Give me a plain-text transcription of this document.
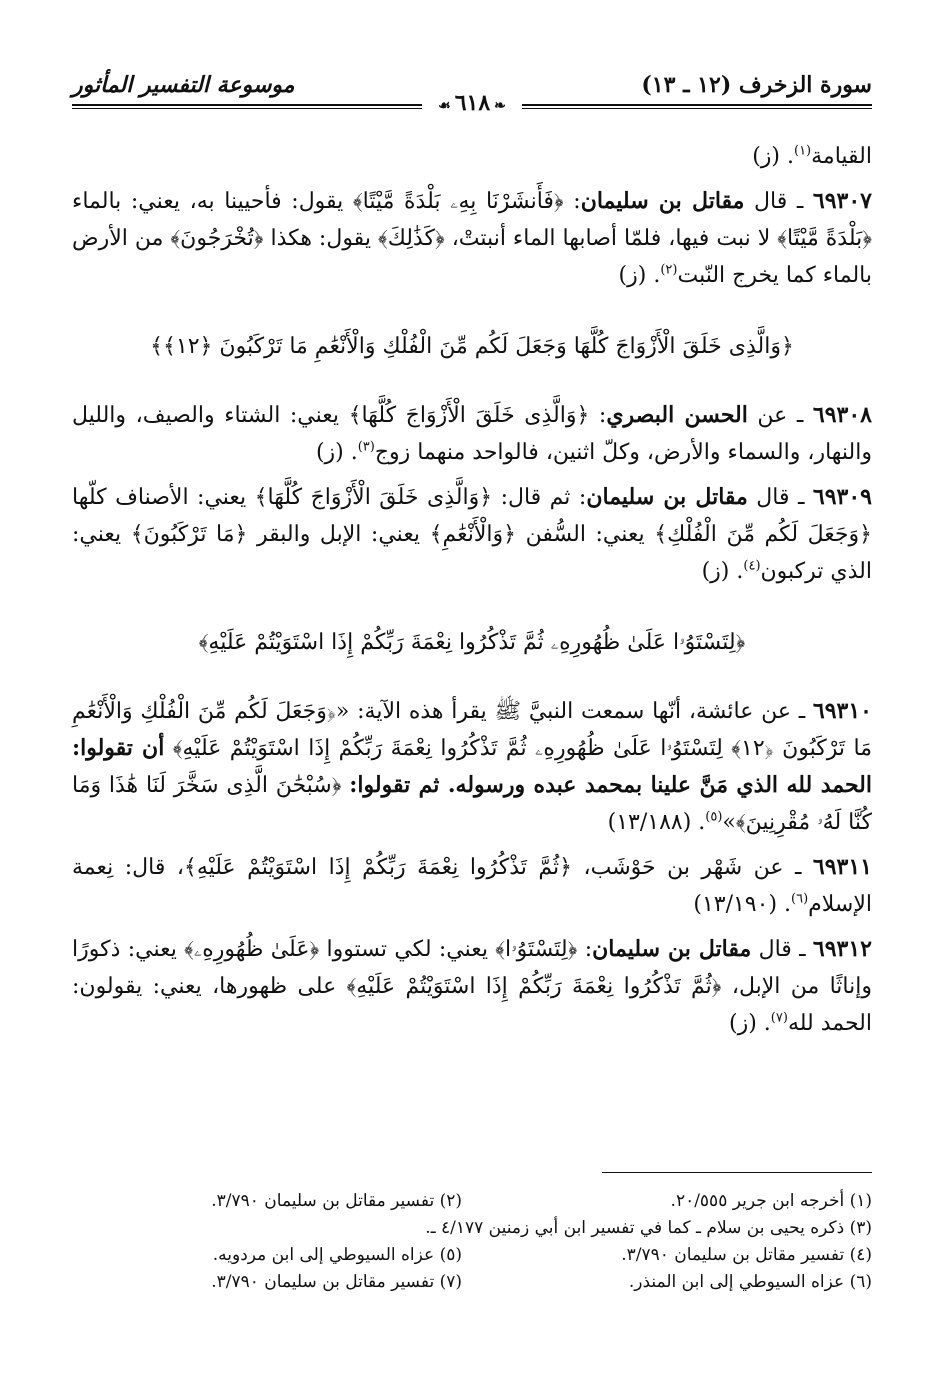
سورة الزخرف (١٢ ـ ١٣)
موسوعة التفسير المأثور
❧٦١٨☙

القيامة$^{(١)}$. (ز)

٦٩٣٠٧ ـ قال مقاتل بن سليمان: ﴿فَأَنشَرْنَا بِهِۦ بَلْدَةً مَّيْتًا﴾ يقول: فأحيينا به، يعني: بالماء ﴿بَلْدَةً مَّيْتًا﴾ لا نبت فيها، فلمّا أصابها الماء أنبتتْ، ﴿كَذَٰلِكَ﴾ يقول: هكذا ﴿تُخْرَجُونَ﴾ من الأرض بالماء كما يخرج النّبت$^{(٢)}$. (ز)

﴿وَالَّذِى خَلَقَ الْأَزْوَاجَ كُلَّهَا وَجَعَلَ لَكُم مِّنَ الْفُلْكِ وَالْأَنْعَٰمِ مَا تَرْكَبُونَ ﴿١٢﴾﴾

٦٩٣٠٨ ـ عن الحسن البصري: ﴿وَالَّذِى خَلَقَ الْأَزْوَاجَ كُلَّهَا﴾ يعني: الشتاء والصيف، والليل والنهار، والسماء والأرض، وكلّ اثنين، فالواحد منهما زوج$^{(٣)}$. (ز)

٦٩٣٠٩ ـ قال مقاتل بن سليمان: ثم قال: ﴿وَالَّذِى خَلَقَ الْأَزْوَاجَ كُلَّهَا﴾ يعني: الأصناف كلّها ﴿وَجَعَلَ لَكُم مِّنَ الْفُلْكِ﴾ يعني: السُّفن ﴿وَالْأَنْعَٰمِ﴾ يعني: الإبل والبقر ﴿مَا تَرْكَبُونَ﴾ يعني: الذي تركبون$^{(٤)}$. (ز)

﴿لِتَسْتَوُۥا عَلَىٰ ظُهُورِهِۦ ثُمَّ تَذْكُرُوا نِعْمَةَ رَبِّكُمْ إِذَا اسْتَوَيْتُمْ عَلَيْهِ﴾

٦٩٣١٠ ـ عن عائشة، أنّها سمعت النبيَّ ﷺ يقرأ هذه الآية: «﴿وَجَعَلَ لَكُم مِّنَ الْفُلْكِ وَالْأَنْعَٰمِ مَا تَرْكَبُونَ ﴿١٢﴾ لِتَسْتَوُۥا عَلَىٰ ظُهُورِهِۦ ثُمَّ تَذْكُرُوا نِعْمَةَ رَبِّكُمْ إِذَا اسْتَوَيْتُمْ عَلَيْهِ﴾ أن تقولوا: الحمد لله الذي مَنَّ علينا بمحمد عبده ورسوله. ثم تقولوا: ﴿سُبْحَٰنَ الَّذِى سَخَّرَ لَنَا هَٰذَا وَمَا كُنَّا لَهُۥ مُقْرِنِينَ﴾»$^{(٥)}$. (١٣/١٨٨)

٦٩٣١١ ـ عن شَهْر بن حَوْشَب، ﴿ثُمَّ تَذْكُرُوا نِعْمَةَ رَبِّكُمْ إِذَا اسْتَوَيْتُمْ عَلَيْهِ﴾، قال: نِعمة الإسلام$^{(٦)}$. (١٣/١٩٠)

٦٩٣١٢ ـ قال مقاتل بن سليمان: ﴿لِتَسْتَوُۥا﴾ يعني: لكي تستووا ﴿عَلَىٰ ظُهُورِهِۦ﴾ يعني: ذكورًا وإناثًا من الإبل، ﴿ثُمَّ تَذْكُرُوا نِعْمَةَ رَبِّكُمْ إِذَا اسْتَوَيْتُمْ عَلَيْهِ﴾ على ظهورها، يعني: يقولون: الحمد لله$^{(٧)}$. (ز)

(١) أخرجه ابن جرير ٢٠/٥٥٥.
(٢) تفسير مقاتل بن سليمان ٣/٧٩٠.
(٣) ذكره يحيى بن سلام ـ كما في تفسير ابن أبي زمنين ٤/١٧٧ ـ.
(٤) تفسير مقاتل بن سليمان ٣/٧٩٠.
(٥) عزاه السيوطي إلى ابن مردويه.
(٦) عزاه السيوطي إلى ابن المنذر.
(٧) تفسير مقاتل بن سليمان ٣/٧٩٠.
